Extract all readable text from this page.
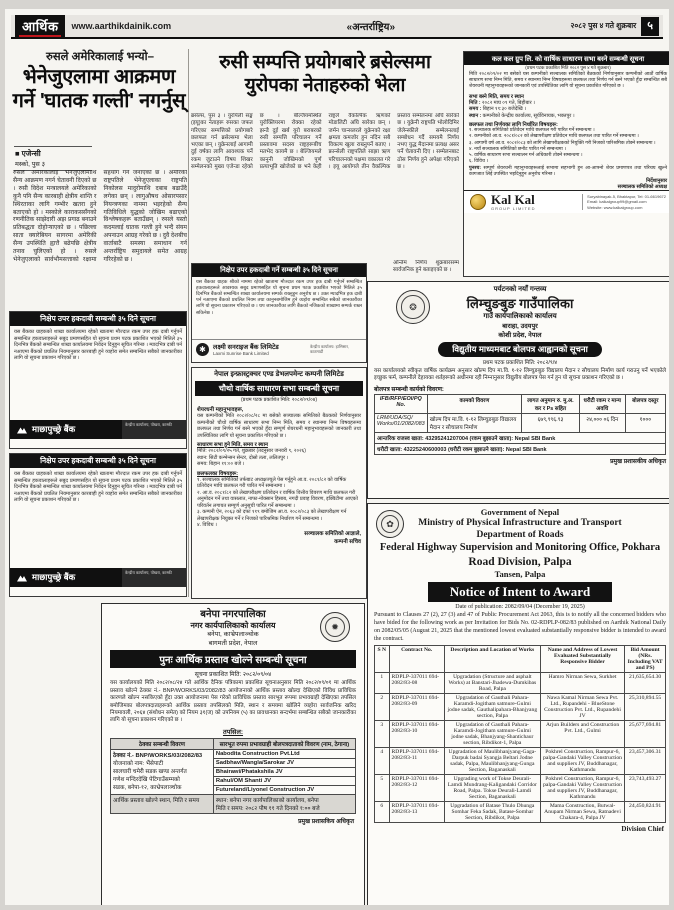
आर्थिक	www.aarthikdainik.com	«अन्तर्राष्ट्रिय»	२०८२ पुस ४ गते शुक्रबार	५
रुसले अमेरिकालाई भन्यो–
भेनेजुएलामा आक्रमण गर्ने 'घातक गल्ती' नगर्नुस्
■ एजेन्सी
मस्को, पुस ३
रुसले अमेरिकालाई भेनेजुएलामाथि सैन्य आक्रमण नगर्न चेतावनी दिएको छ । रुसी विदेश मन्त्रालयले अमेरिकाको कुनै पनि सैन्य कारबाही क्षेत्रीय शान्ति र स्थिरताका लागि गम्भीर खतरा हुने बताएको हो । मस्कोले काराकससँगको रणनीतिक साझेदारी अझ प्रगाढ बनाउने प्रतिबद्धता दोहोऱ्याएको छ । पछिल्ला साता क्यारेबियन सागरमा अमेरिकी सैन्य उपस्थिति ह्वात्तै बढेपछि क्षेत्रीय तनाव चुलिएको हो । रुसले भेनेजुएलाको सार्वभौमसत्ताको रक्षामा सहयोग गर्ने जनाएको छ । अमेरिकी राष्ट्रपतिले भेनेजुएलाका राष्ट्रपति निकोलस मादुरोमाथि दबाब बढाउँदै लगेका छन् । लागुऔषध ओसारपसार नियन्त्रणका नाममा भइरहेको सैन्य गतिविधिले युद्धको जोखिम बढाएको विश्लेषकहरू बताउँछन् । रुसले यस्तो कदमलाई घातक गल्ती हुने भन्दै संयम अपनाउन आग्रह गरेको छ । दुवै देशबीच वार्ताबाटै समस्या समाधान गर्न अन्तर्राष्ट्रिय समुदायले समेत आग्रह गरिरहेको छ ।
निक्षेप उपर हकदाबी सम्बन्धी ३५ दिने सूचना
यस बैंकका ग्राहकको शाखा कार्यालयमा रहेको खातामा मौज्दात रकम उपर हक दाबी गर्नुपर्ने सम्बन्धित हकवालाहरूले सबुद प्रमाणसहित यो सूचना प्रथम पटक प्रकाशित भएको मितिले ३५ दिनभित्र बैंकको सम्बन्धित शाखा कार्यालयमा निवेदन दिनुहुन सूचित गरिन्छ । म्यादभित्र दाबी पर्न नआएमा बैंकको प्रचलित नियमानुसार कारबाही हुने व्यहोरा समेत सम्बन्धित सबैको जानकारीका लागि यो सूचना प्रकाशन गरिएको छ ।
माछापुच्छ्रे बैंक	केन्द्रीय कार्यालय, पोखरा, कास्की
निक्षेप उपर हकदाबी सम्बन्धी ३५ दिने सूचना
यस बैंकका ग्राहकको शाखा कार्यालयमा रहेको खातामा मौज्दात रकम उपर हक दाबी गर्नुपर्ने सम्बन्धित हकवालाहरूले सबुद प्रमाणसहित यो सूचना प्रथम पटक प्रकाशित भएको मितिले ३५ दिनभित्र बैंकको सम्बन्धित शाखा कार्यालयमा निवेदन दिनुहुन सूचित गरिन्छ । म्यादभित्र दाबी पर्न नआएमा बैंकको प्रचलित नियमानुसार कारबाही हुने व्यहोरा समेत सम्बन्धित सबैको जानकारीका लागि यो सूचना प्रकाशन गरिएको छ ।
माछापुच्छ्रे बैंक	केन्द्रीय कार्यालय, पोखरा, कास्की
रुसी सम्पत्ति प्रयोगबारे ब्रसेल्समा युरोपका नेताहरुको भेला
ब्रसेल्स, पुस ३ । युरोपेली सङ्घ (इयू)का नेताहरू रुसका जफत गरिएका सम्पत्तिको प्रयोगबारे छलफल गर्न ब्रसेल्समा भेला भएका छन् । युक्रेनलाई आगामी दुई वर्षका लागि आवश्यक पर्ने रकम जुटाउने विषय शिखर सम्मेलनको मुख्य एजेन्डा रहेको छ ।	बेल्जियमस्थित युरोक्लियरमा रोक्का रहेको झन्डै दुई खर्ब युरो बराबरको रुसी सम्पत्ति परिचालन गर्ने प्रस्तावमा सदस्य राष्ट्रहरूबीच मतभेद कायमै छ । बेल्जियमले कानुनी जोखिमको पूर्ण प्रत्याभूति खोजेको छ भने केही राष्ट्रले वैकल्पिक ऋणको मोडालिटी अघि सारेका छन् । जर्मन चान्सलरले युक्रेनको रक्षा क्षमता कमजोर हुन नदिन सबै विकल्प खुला राख्नुपर्ने बताए । फ्रान्सेली राष्ट्रपतिले साझा ऋण परिचालनको पक्षमा वकालत गरे । इयू आयोगले तीन वैकल्पिक प्रस्ताव सम्मेलनमा अघि सारेको छ । युक्रेनी राष्ट्रपति भोलोदिमिर जेलेन्स्कीले सम्मेलनलाई सम्बोधन गर्दै समयमै निर्णय नभए युद्ध मैदानमा प्रत्यक्ष असर पर्ने चेतावनी दिए । सम्मेलनबाट ठोस निर्णय हुने अपेक्षा गरिएको छ ।
अन्तिम निर्णय शुक्रबारसम्म सार्वजनिक हुने बताइएको छ ।
निक्षेप उपर हकदाबी गर्ने सम्बन्धी ३५ दिने सूचना
यस बैंकका ग्राहक श्रीको नाममा रहेको खातामा मौज्दात रकम उपर हक दाबी गर्नुपर्ने सम्बन्धित हकवालाहरूले आवश्यक सबुद प्रमाणसहित यो सूचना प्रथम पटक प्रकाशित भएको मितिले ३५ दिनभित्र बैंकको सम्बन्धित शाखा कार्यालयमा सम्पर्क राख्नुहुन अनुरोध छ । उक्त म्यादभित्र हक दाबी पर्न नआएमा बैंकको प्रचलित नियम तथा कानुनबमोजिम हुने व्यहोरा सम्बन्धित सबैको जानकारीका लागि यो सूचना प्रकाशन गरिएको छ । थप जानकारीका लागि बैंकको नजिकको शाखामा सम्पर्क राख्न सकिनेछ ।
✱	लक्ष्मी सनराइज बैंक लिमिटेड
Laxmi Sunrise Bank Limited
केन्द्रीय कार्यालय: हात्तिसार, काठमाडौं
नेपाल इन्फ्रास्ट्रक्चर एण्ड डेभलपमेन्ट कम्पनी लिमिटेड
चौथो वार्षिक साधारण सभा सम्बन्धी सूचना
(प्रथम पटक प्रकाशित मिति: २०८२/०९/०४)
शेयरधनी महानुभावहरू,
यस कम्पनीको मिति २०८२/०८/२८ मा बसेको सञ्चालक समितिको बैठकको निर्णयानुसार कम्पनीको चौथो वार्षिक साधारण सभा निम्न मिति, समय र स्थानमा निम्न विषयहरूमा छलफल तथा निर्णय गर्न बस्ने भएको हुँदा सम्पूर्ण शेयरधनी महानुभावहरूको जानकारी तथा उपस्थितिका लागि यो सूचना प्रकाशित गरिएको छ ।
साधारण सभा हुने मिति, समय र स्थान
मिति: २०८२/०९/२५ गते, शुक्रबार (तदनुसार जनवरी ९, २०२६)
स्थान: सिटी कन्भेन्सन सेन्टर, दोस्रो तला, ललितपुर ।
समय: बिहान ११:०० बजे ।
छलफलका विषयहरू:
१. सञ्चालक समितिको तर्फबाट अध्यक्षज्यूले पेस गर्नुहुने आ.व. २०८१/८२ को वार्षिक प्रतिवेदन माथि छलफल गरी पारित गर्ने सम्बन्धमा ।
२. आ.व. २०८१/८२ को लेखापरीक्षण प्रतिवेदन र वार्षिक वित्तीय विवरण माथि छलफल गरी अनुमोदन गर्ने तथा वासलात, नाफा-नोक्सान हिसाब, नगदी प्रवाह विवरण, इक्विटीमा आएको परिवर्तन लगायत सम्पूर्ण अनुसूची पारित गर्ने सम्बन्धमा ।
३. कम्पनी ऐन, २०६३ को दफा ११९ बमोजिम आ.व. २०८२/०८३ को लेखापरीक्षण गर्न लेखापरीक्षक नियुक्त गर्ने र निजको पारिश्रमिक निर्धारण गर्ने सम्बन्धमा ।
४. विविध ।
सञ्चालक समितिको आज्ञाले,
कम्पनी सचिव
कल कल ग्रुप लि. को वार्षिक साधारण सभा बस्ने सम्बन्धी सूचना
(प्रथम पटक प्रकाशित मिति २०८२ पुस ४ गते शुक्रबार)
मिति २०८२/०९/०२ मा बसेको यस कम्पनीको सञ्चालक समितिको बैठकको निर्णयानुसार कम्पनीको आठौं वार्षिक साधारण सभा निम्न मिति, समय र स्थानमा निम्न विषयहरूमा छलफल तथा निर्णय गर्न बस्ने भएको हुँदा सम्बन्धित सबै शेयरधनी महानुभावहरूको जानकारी एवं उपस्थितिका लागि यो सूचना प्रकाशित गरिएको छ ।
सभा बस्ने मिति, समय र स्थान
मिति : २०८२ माघ ०९ गते, बिहीबार ।
समय : बिहान ११:३० बजेदेखि ।
स्थान : कम्पनीको केन्द्रीय कार्यालय, सूर्यविनायक, भक्तपुर ।
छलफल तथा निर्णयका लागि निर्धारित विषयहरू:
१. सञ्चालक समितिको प्रतिवेदन माथि छलफल गरी पारित गर्ने सम्बन्धमा ।
२. कम्पनीको आ.व. २०८१/०८२ को लेखापरीक्षण प्रतिवेदन माथि छलफल तथा पारित गर्ने सम्बन्धमा ।
३. आगामी वर्ष आ.व. २०८२/०८३ को लागि लेखापरीक्षकको नियुक्ति गरी निजको पारिश्रमिक तोक्ने सम्बन्धमा ।
४. नयाँ सञ्चालक समितिको छनौट पारित गर्ने सम्बन्धमा ।
५. वार्षिक साधारण सभा सञ्चालन गर्न अधिकारी तोक्ने सम्बन्धमा ।
६. विविध ।
पुनश्च: सम्पूर्ण शेयरधनी महानुभावहरूलाई सभामा सहभागी हुन आ-आफ्नो शेयर प्रमाणपत्र तथा परिचय खुल्ने कागजात लिई उपस्थित भइदिनुहुन अनुरोध गरिन्छ ।
निर्देशानुसार
सञ्चालक समितिको अध्यक्ष
Kal Kal
GROUP LIMITED
Suryabinayak-5, Bhaktapur, Tel: 01-6619672
Email: kalkalgroup99@gmail.com
Website: www.kalkalgroup.com
❂
पर्यटनको नयाँ गन्तव्य
लिम्चुङबुङ गाउँपालिका
गाउँ कार्यपालिकाको कार्यालय
बाराहा, उदयपुर
कोशी प्रदेश, नेपाल
विद्युतीय माध्यमबाट बोलपत्र आह्वानको सूचना
प्रथम पटक प्रकाशित मिति: २०८२/९/४
यस कार्यालयको स्वीकृत वार्षिक कार्यक्रम अनुसार खोल्म दिप मा.वि. १-१२ लिम्चुङबुङ विद्यालय मैदान र सौचालय निर्माण कार्य गराउनु पर्ने भएकोले इच्छुक फर्म, कम्पनीले देहायका शर्तहरूको अधीनमा रही निम्नानुसार विद्युतीय बोलपत्र पेस गर्न हुन यो सूचना प्रकाशन गरिएको छ ।
बोलपत्र सम्बन्धी कार्यको विवरण:
IFB/RFP/EOI/PQ No.	कामको विवरण	लागत अनुमान रु. मु.अ. कर र Ps सहित	धरौटी रकम र मान्य अवधि	बोलपत्र दस्तुर
LRM/UDA/SQ/ Works/01/2082/083	खोल्म दिप मा.वि. १-१२ लिम्चुङबुङ विद्यालय मैदान र सौचालय निर्माण	६७९,९९६.९३	२४,००० ०६ दिन	१०००
आन्तरिक राजस्व खाता: 43295241207004 (रकम बुझाउने खाता): Nepal SBI Bank				
धरौटी खाता: 43225240600003 (धरौटी रकम बुझाउने खाता): Nepal SBI Bank				
प्रमुख प्रशासकीय अधिकृत
✿
Government of Nepal
Ministry of Physical Infrastructure and Transport
Department of Roads
Federal Highway Supervision and Monitoring Office, Pokhara
Road Division, Palpa
Tansen, Palpa
Notice of Intent to Award
Date of publication: 2082/09/04 (December 19, 2025)
Pursuant to Clauses 27 (2), 27 (3) and 47 of Public Procurement Act 2063, this is to notify all the concerned bidders who have bided for the following work as per Invitation for Bids No. 02-RDPLP-082/83 published on Aarthik National Daily on 2082/05/05 (August 21, 2025 that the mentioned lowest evaluated substantially responsive bidder is intended to award the contract.
S N	Contract No.	Description and Location of Works	Name and Address of Lowest Evaluated Substantially Responsive Bidder	Bid Amount (NRs. Including VAT and PS)
1	RDPLP-337011 694-2082/83-08	Upgradation (Structure and asphalt Works) at Banstari-Jhadewa-Dumkibas Road, Palpa	Hamro Nirman Sewa, Surkhet	21,635,654.30
2	RDPLP-337011 694-2082/83-09	Upgradation of Gauthali Pahara-Karamdi-Jogitham satmure-Gulmi jodne sadak, Gauthalipahara-Bhanjyang section, Palpa	Nawa Kamal Nirman Sewa Pvt. Ltd., Rupandehi - BlueStone Construction Pvt. Ltd., Rupandehi JV	25,310,894.55
3	RDPLP-337011 694-2082/83-10	Upgradation of Gauthali Pahara-Karamdi-Jogitham satmure-Gulmi jodne sadak, Bhanjyang-Shantichaur section, Ribdikot-1, Palpa	Arjun Builders and Construction Pvt. Ltd., Gulmi	25,677,694.81
4	RDPLP-337011 694-2082/83-11	Upgradation of Maulibhanjyang-Gaga-Darpuk badai Syangja Beltari Jodne sadak, Palpa, Maulibhanjyang-Gunga Section, Baganaskali	Pokhrel Construction, Rampur-6, palpa-Gandaki Valley Construction and suppliers JV, Buddhanagar, Kathmandu	23,457,306.31
5	RDPLP-337011 694-2082/83-12	Upgrading work of Tokse Deurali-Lamdi Mundrang-Kaligandaki Corridor Road, Palpa. Tokse Deurali-Lamdi Section, Baganaskali	Pokhrel Construction, Rampur-6, palpa-Gandaki Valley Construction and suppliers JV, Buddhanagar, Kathmandu	23,743,493.27
6	RDPLP-337011 694-2082/83-13	Upgradation of Batase Thulo Dhunga Somhar Feka Sadak, Batase-Somhar Section, Ribdikot, Palpa	Mama Construction, Butwal-Anupam Nirman Sewa, Ratnadevi Chakara-4, Palpa JV	24,450,824.91
Division Chief
✹
बनेपा नगरपालिका
नगर कार्यपालिकाको कार्यालय
बनेपा, काभ्रेपलाञ्चोक
बागमती प्रदेश, नेपाल
पुनः आर्थिक प्रस्ताव खोल्ने सम्बन्धी सूचना
सूचना प्रकाशित मिति: २०८२/०९/०४
यस कार्यालयको मिति २०८२/०८/२४ गते आर्थिक दैनिक पत्रिकामा प्रकाशित सूचनाअनुसार मिति २०८२/०९/०१ मा आर्थिक प्रस्ताव खोल्ने ठेक्का नं.- BNP/WORKS/03/2082/83 आयोजनाको आर्थिक प्रस्ताव खोल्दा देखिएको विविध प्राविधिक कारणले खोल्न नसकिएको हुँदा उक्त आयोजनामा पेस गरेको प्राविधिक प्रस्ताव सारभूत रूपमा प्रभावग्राही देखिएका तपसिल बमोजिमका बोलपत्रदाताहरूको आर्थिक प्रस्ताव तपसिलको मिति, स्थान र समयमा खोलिने व्यहोरा सार्वजनिक खरिद नियमावली, २०६४ (संशोधन समेत) को नियम ३१(ज) को उपनियम (५) का प्रावधानका सन्दर्भमा सम्बन्धित सबैको जानकारीका लागि यो सूचना प्रकाशन गरिएको छ ।
तपसिल:
ठेक्का सम्बन्धी विवरण	सारभूत रुपमा प्रभावग्राही बोलपत्रदाताको विवरण (नाम, ठेगाना)

ठेक्का नं.- BNP/WORKS/03/2082/83
योजनाको नाम: भैंसेपाटी
सालघारी चमेरी सडक खण्ड अन्तर्गत
गणेश मन्दिरदेखि पेटिगाउँसम्मको
सडक, बनेपा-१२, काभ्रेपलाञ्चोक	Nabodita Construction Pvt.Ltd
	Sadbhav/Wangla/Sarokar JV
	Bhairawi/Phatakshila JV
	Rahul/OM Shanti JV
	Futureland/Liyonel Construction JV
आर्थिक प्रस्ताव खोल्ने स्थान, मिति र समय	स्थान: बनेपा नगर कार्यपालिकाको कार्यालय, बनेपा
मिति र समय: २०८२ पौष ११ गते दिनको १:०० बजे
प्रमुख प्रशासकिय अधिकृत
